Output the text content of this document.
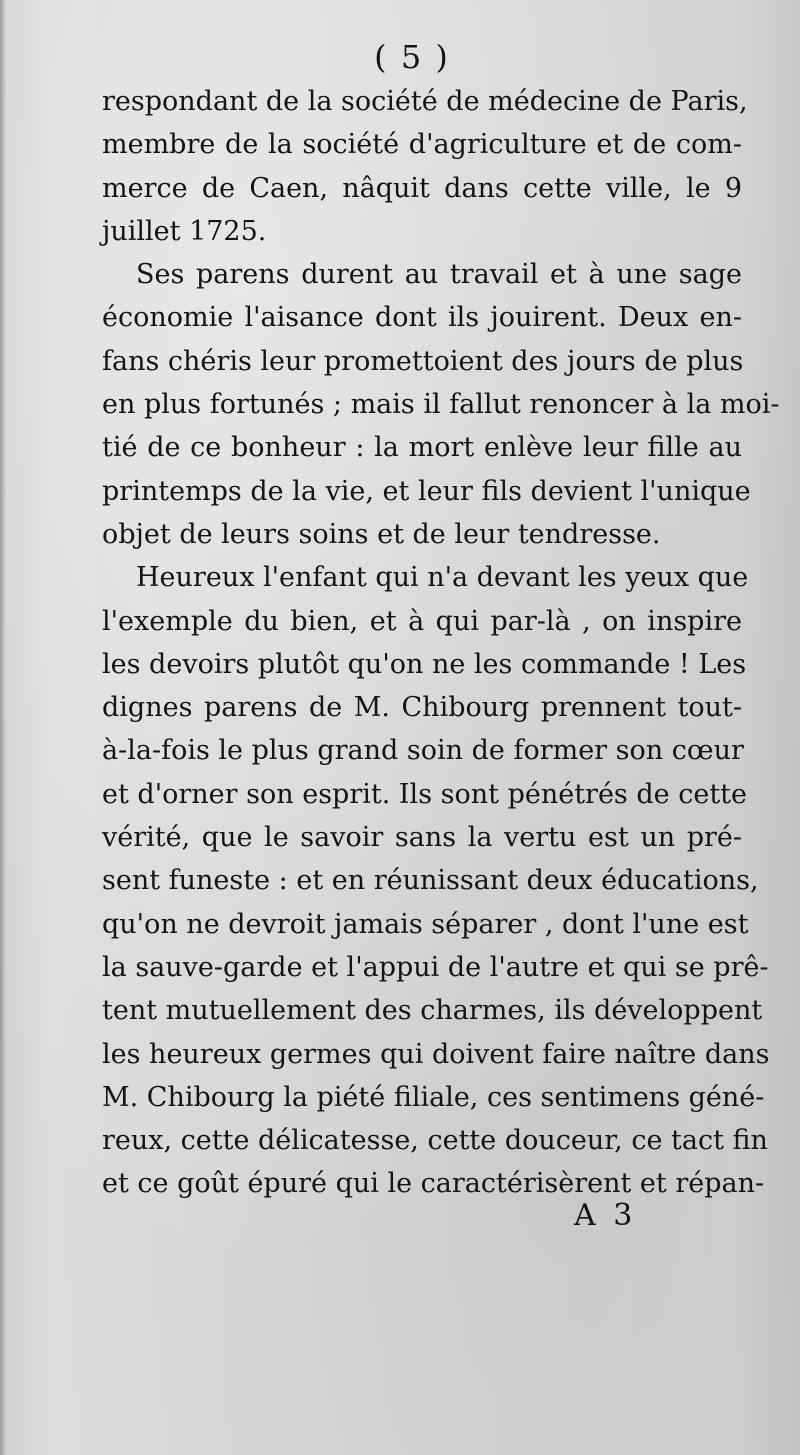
( 5 )

respondant de la société de médecine de Paris,
membre de la société d'agriculture et de com-
merce de Caen, nâquit dans cette ville, le 9
juillet 1725.

Ses parens durent au travail et à une sage
économie l'aisance dont ils jouirent. Deux en-
fans chéris leur promettoient des jours de plus
en plus fortunés ; mais il fallut renoncer à la moi-
tié de ce bonheur : la mort enlève leur fille au
printemps de la vie, et leur fils devient l'unique
objet de leurs soins et de leur tendresse.

Heureux l'enfant qui n'a devant les yeux que
l'exemple du bien, et à qui par-là , on inspire
les devoirs plutôt qu'on ne les commande ! Les
dignes parens de M. Chibourg prennent tout-
à-la-fois le plus grand soin de former son cœur
et d'orner son esprit. Ils sont pénétrés de cette
vérité, que le savoir sans la vertu est un pré-
sent funeste : et en réunissant deux éducations,
qu'on ne devroit jamais séparer , dont l'une est
la sauve-garde et l'appui de l'autre et qui se prê-
tent mutuellement des charmes, ils développent
les heureux germes qui doivent faire naître dans
M. Chibourg la piété filiale, ces sentimens géné-
reux, cette délicatesse, cette douceur, ce tact fin
et ce goût épuré qui le caractérisèrent et répan-

A 3
